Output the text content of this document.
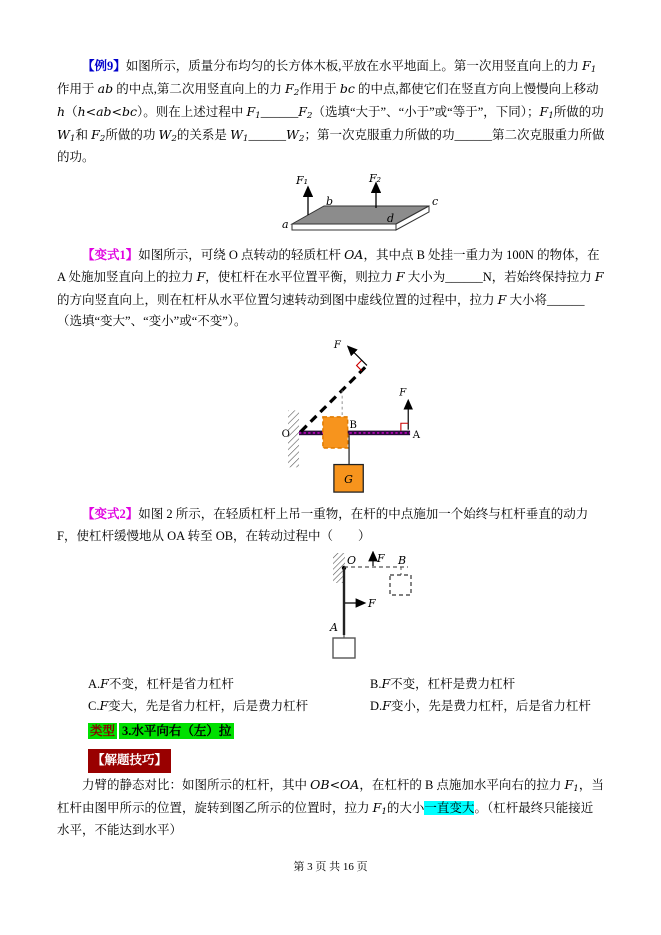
【例9】如图所示，质量分布均匀的长方体木板,平放在水平地面上。第一次用竖直向上的力 $F_1$作用于 ab 的中点,第二次用竖直向上的力 $F_2$作用于 bc 的中点,都使它们在竖直方向上慢慢向上移动 h（h<ab<bc）。则在上述过程中 $F_1\_\_\_\_\_\_F_2$（选填“大于”、“小于”或“等于”，下同）；$F_1$所做的功 $W_1$和 $F_2$所做的功 $W_2$的关系是 $W_1\_\_\_\_\_\_W_2$；第一次克服重力所做的功______第二次克服重力所做的功。

F₁	F₂
a
b	c
d

【变式1】如图所示，可绕 O 点转动的轻质杠杆 OA，其中点 B 处挂一重力为 100N 的物体，在 A 处施加竖直向上的拉力 F，使杠杆在水平位置平衡，则拉力 F 大小为______N，若始终保持拉力 F 的方向竖直向上，则在杠杆从水平位置匀速转动到图中虚线位置的过程中，拉力 F 大小将______（选填“变大”、“变小”或“不变”）。

F
G
F
O
B
A

【变式2】如图 2 所示，在轻质杠杆上吊一重物，在杆的中点施加一个始终与杠杆垂直的动力 F，使杠杆缓慢地从 OA 转至 OB，在转动过程中（　　）

F B
O
F
A
A.F不变，杠杆是省力杠杆	B.F不变，杠杆是费力杠杆
C.F变大，先是省力杠杆，后是费力杠杆	D.F变小，先是费力杠杆，后是省力杠杆
类型 3.水平向右（左）拉
【解题技巧】

力臂的静态对比：如图所示的杠杆，其中 OB<OA，在杠杆的 B 点施加水平向右的拉力 $F_1$，当杠杆由图甲所示的位置，旋转到图乙所示的位置时，拉力 $F_1$的大小一直变大。（杠杆最终只能接近水平，不能达到水平）

第 3 页 共 16 页
